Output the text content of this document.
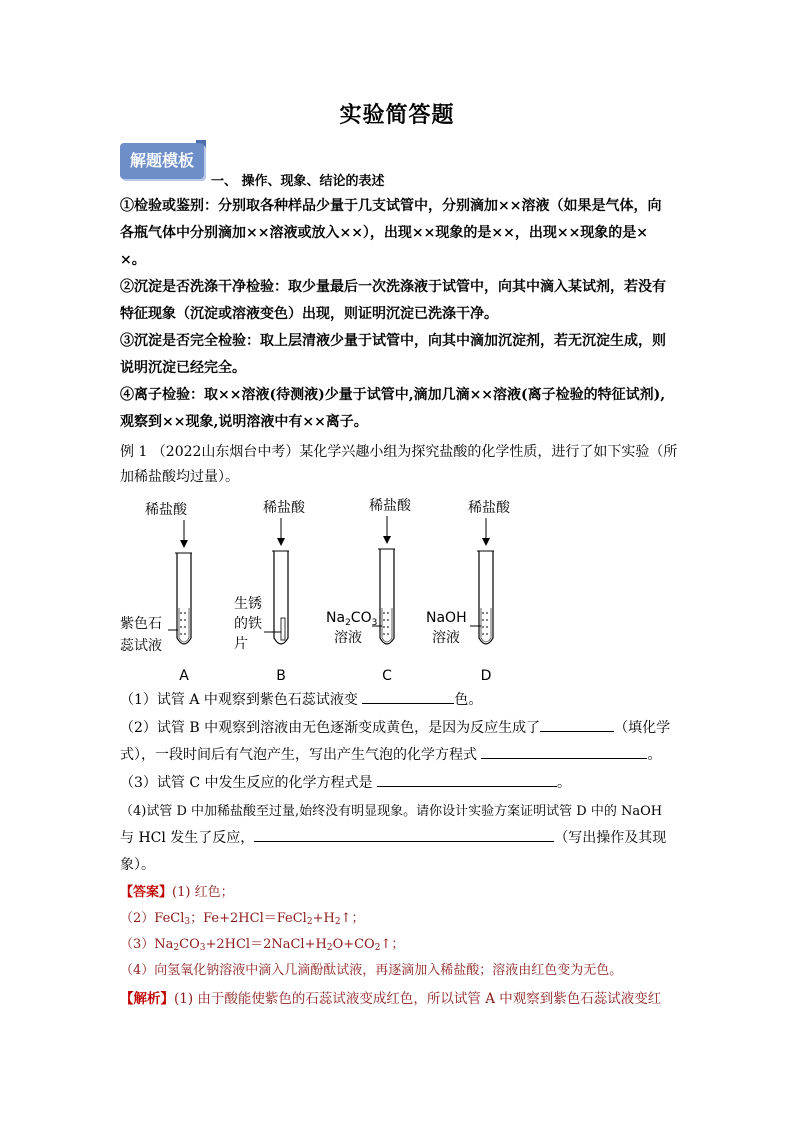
实验简答题
解题模板
一、 操作、现象、结论的表述
①检验或鉴别：分别取各种样品少量于几支试管中，分别滴加××溶液（如果是气体，向
各瓶气体中分别滴加××溶液或放入××），出现××现象的是××，出现××现象的是×
×。
②沉淀是否洗涤干净检验：取少量最后一次洗涤液于试管中，向其中滴入某试剂，若没有
特征现象（沉淀或溶液变色）出现，则证明沉淀已洗涤干净。
③沉淀是否完全检验：取上层清液少量于试管中，向其中滴加沉淀剂，若无沉淀生成，则
说明沉淀已经完全。
④离子检验：取××溶液(待测液)少量于试管中,滴加几滴××溶液(离子检验的特征试剂),
观察到××现象,说明溶液中有××离子。
例 1 （2022山东烟台中考）某化学兴趣小组为探究盐酸的化学性质，进行了如下实验（所
加稀盐酸均过量）。
稀盐酸	稀盐酸	稀盐酸	稀盐酸
紫色石
蕊试液
生锈
的铁
片
$Na_2CO_3$
溶液
NaOH
溶液
A	B	C	D
（1）试管 A 中观察到紫色石蕊试液变	色。
（2）试管 B 中观察到溶液由无色逐渐变成黄色，是因为反应生成了	（填化学
式），一段时间后有气泡产生，写出产生气泡的化学方程式	。
（3）试管 C 中发生反应的化学方程式是	。
（4)试管 D 中加稀盐酸至过量,始终没有明显现象。请你设计实验方案证明试管 D 中的 NaOH
与 HCl 发生了反应，	（写出操作及其现
象）。
【答案】(1) 红色；
（2）FeCl$_3$；$Fe+2HCl=FeCl_2+H_2↑$；
$(3)Na_2CO_3+2HCl=2NaCl+H_2O+CO_2↑$；
（4）向氢氧化钠溶液中滴入几滴酚酞试液，再逐滴加入稀盐酸；溶液由红色变为无色。
【解析】(1) 由于酸能使紫色的石蕊试液变成红色，所以试管 A 中观察到紫色石蕊试液变红
